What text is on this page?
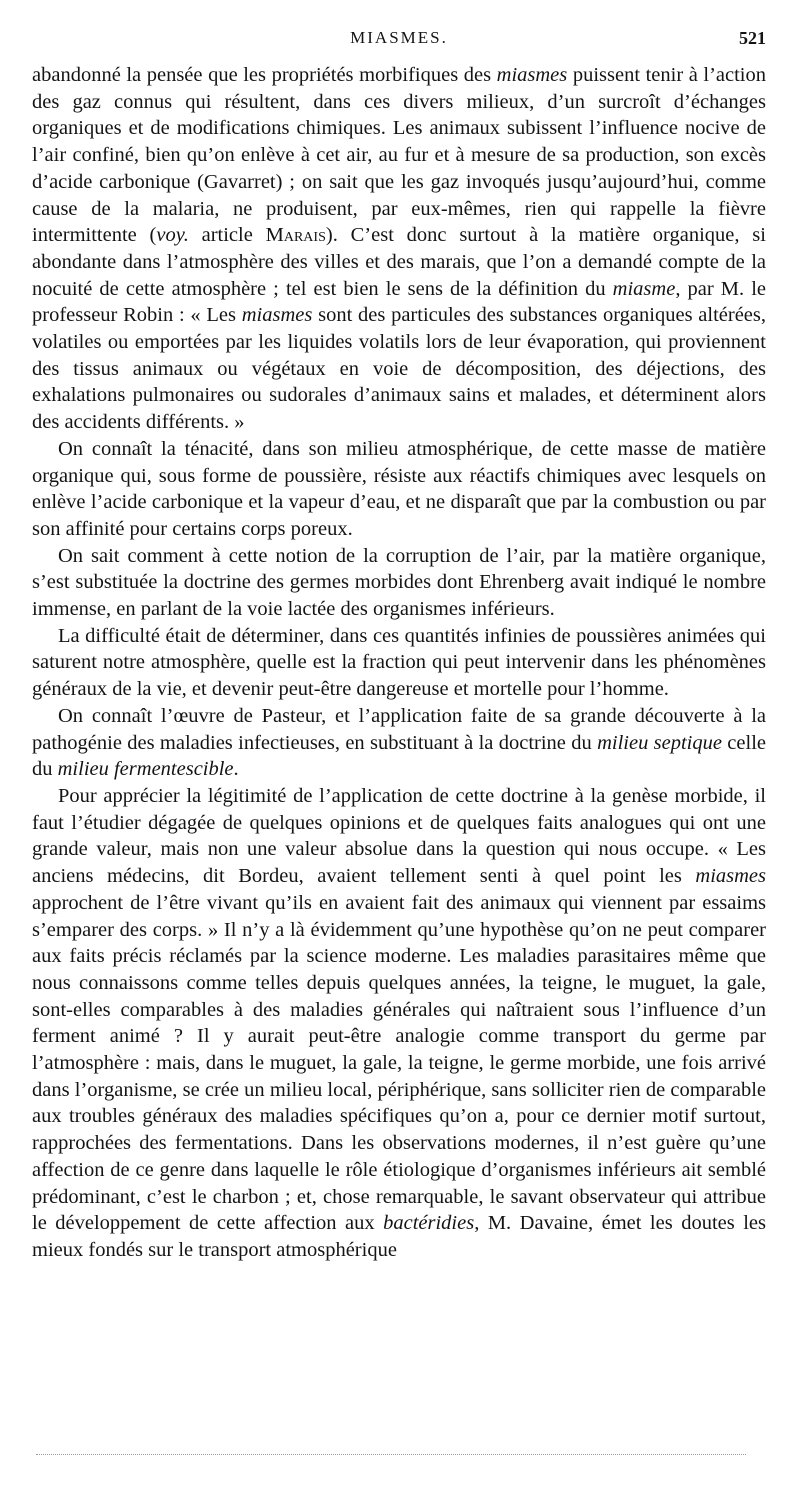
MIASMES.	521

abandonné la pensée que les propriétés morbifiques des miasmes puissent tenir à l’action des gaz connus qui résultent, dans ces divers milieux, d’un surcroît d’échanges organiques et de modifications chimiques. Les animaux subissent l’influence nocive de l’air confiné, bien qu’on enlève à cet air, au fur et à mesure de sa production, son excès d’acide carbonique (Gavarret) ; on sait que les gaz invoqués jusqu’aujourd’hui, comme cause de la malaria, ne produisent, par eux-mêmes, rien qui rappelle la fièvre intermittente (voy. article Marais). C’est donc surtout à la matière organique, si abondante dans l’atmosphère des villes et des marais, que l’on a demandé compte de la nocuité de cette atmosphère ; tel est bien le sens de la définition du miasme, par M. le professeur Robin : « Les miasmes sont des particules des substances organiques altérées, volatiles ou emportées par les liquides volatils lors de leur évaporation, qui proviennent des tissus animaux ou végétaux en voie de décomposition, des déjections, des exhalations pulmonaires ou sudorales d’animaux sains et malades, et déterminent alors des accidents différents. »

On connaît la ténacité, dans son milieu atmosphérique, de cette masse de matière organique qui, sous forme de poussière, résiste aux réactifs chimiques avec lesquels on enlève l’acide carbonique et la vapeur d’eau, et ne disparaît que par la combustion ou par son affinité pour certains corps poreux.

On sait comment à cette notion de la corruption de l’air, par la matière organique, s’est substituée la doctrine des germes morbides dont Ehrenberg avait indiqué le nombre immense, en parlant de la voie lactée des organismes inférieurs.

La difficulté était de déterminer, dans ces quantités infinies de poussières animées qui saturent notre atmosphère, quelle est la fraction qui peut intervenir dans les phénomènes généraux de la vie, et devenir peut-être dangereuse et mortelle pour l’homme.

On connaît l’œuvre de Pasteur, et l’application faite de sa grande découverte à la pathogénie des maladies infectieuses, en substituant à la doctrine du milieu septique celle du milieu fermentescible.

Pour apprécier la légitimité de l’application de cette doctrine à la genèse morbide, il faut l’étudier dégagée de quelques opinions et de quelques faits analogues qui ont une grande valeur, mais non une valeur absolue dans la question qui nous occupe. « Les anciens médecins, dit Bordeu, avaient tellement senti à quel point les miasmes approchent de l’être vivant qu’ils en avaient fait des animaux qui viennent par essaims s’emparer des corps. » Il n’y a là évidemment qu’une hypothèse qu’on ne peut comparer aux faits précis réclamés par la science moderne. Les maladies parasitaires même que nous connaissons comme telles depuis quelques années, la teigne, le muguet, la gale, sont-elles comparables à des maladies générales qui naîtraient sous l’influence d’un ferment animé ? Il y aurait peut-être analogie comme transport du germe par l’atmosphère : mais, dans le muguet, la gale, la teigne, le germe morbide, une fois arrivé dans l’organisme, se crée un milieu local, périphérique, sans solliciter rien de comparable aux troubles généraux des maladies spécifiques qu’on a, pour ce dernier motif surtout, rapprochées des fermentations. Dans les observations modernes, il n’est guère qu’une affection de ce genre dans laquelle le rôle étiologique d’organismes inférieurs ait semblé prédominant, c’est le charbon ; et, chose remarquable, le savant observateur qui attribue le développement de cette affection aux bactéridies, M. Davaine, émet les doutes les mieux fondés sur le transport atmosphérique
